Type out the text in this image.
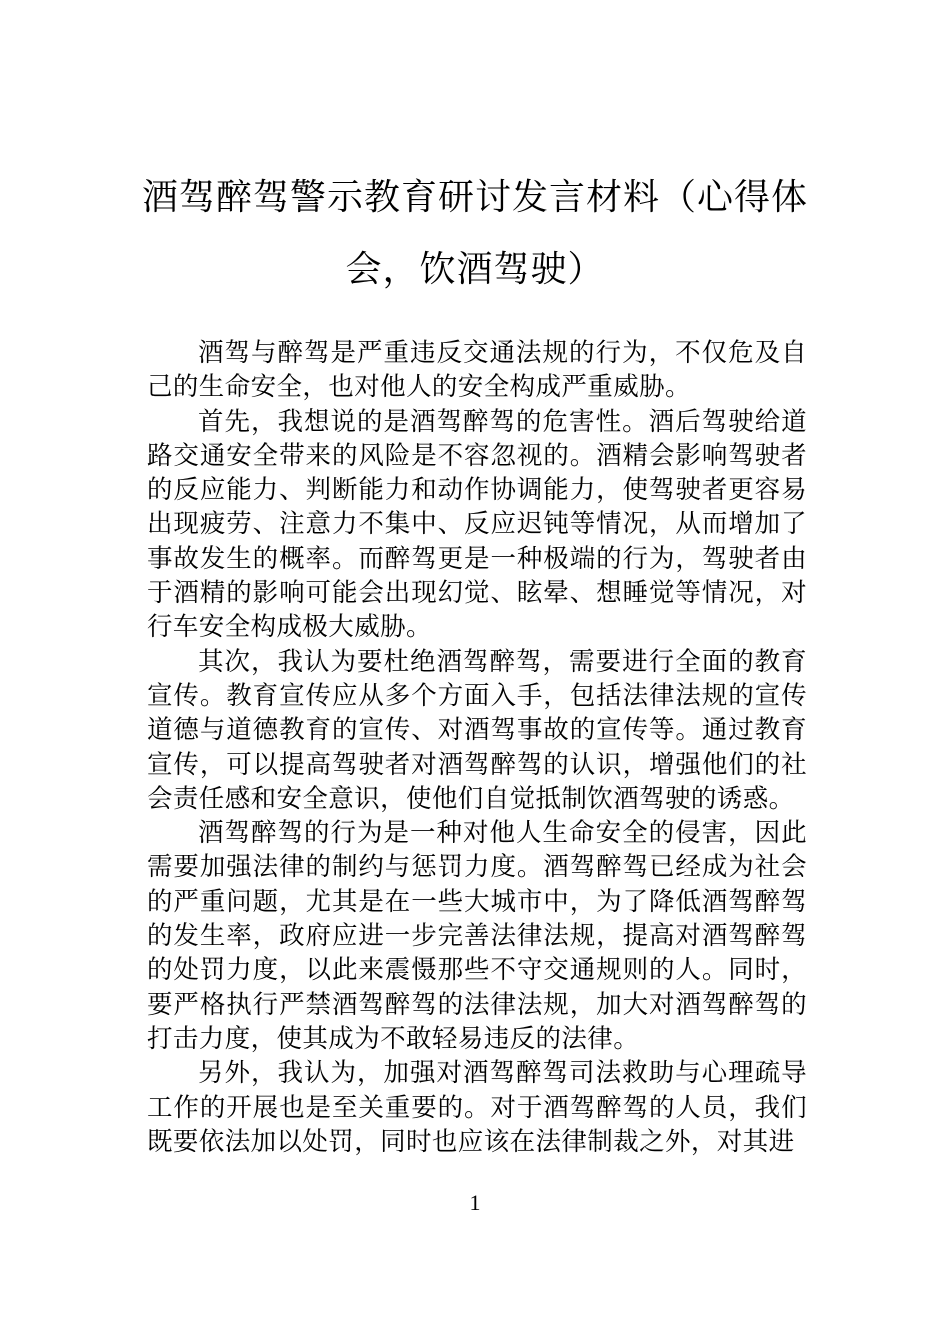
酒驾醉驾警示教育研讨发言材料（心得体会，饮酒驾驶）

酒驾与醉驾是严重违反交通法规的行为，不仅危及自己的生命安全，也对他人的安全构成严重威胁。

首先，我想说的是酒驾醉驾的危害性。酒后驾驶给道路交通安全带来的风险是不容忽视的。酒精会影响驾驶者的反应能力、判断能力和动作协调能力，使驾驶者更容易出现疲劳、注意力不集中、反应迟钝等情况，从而增加了事故发生的概率。而醉驾更是一种极端的行为，驾驶者由于酒精的影响可能会出现幻觉、眩晕、想睡觉等情况，对行车安全构成极大威胁。

其次，我认为要杜绝酒驾醉驾，需要进行全面的教育宣传。教育宣传应从多个方面入手，包括法律法规的宣传道德与道德教育的宣传、对酒驾事故的宣传等。通过教育宣传，可以提高驾驶者对酒驾醉驾的认识，增强他们的社会责任感和安全意识，使他们自觉抵制饮酒驾驶的诱惑。

酒驾醉驾的行为是一种对他人生命安全的侵害，因此需要加强法律的制约与惩罚力度。酒驾醉驾已经成为社会的严重问题，尤其是在一些大城市中，为了降低酒驾醉驾的发生率，政府应进一步完善法律法规，提高对酒驾醉驾的处罚力度，以此来震慑那些不守交通规则的人。同时，要严格执行严禁酒驾醉驾的法律法规，加大对酒驾醉驾的打击力度，使其成为不敢轻易违反的法律。

另外，我认为，加强对酒驾醉驾司法救助与心理疏导工作的开展也是至关重要的。对于酒驾醉驾的人员，我们既要依法加以处罚，同时也应该在法律制裁之外，对其进

1
